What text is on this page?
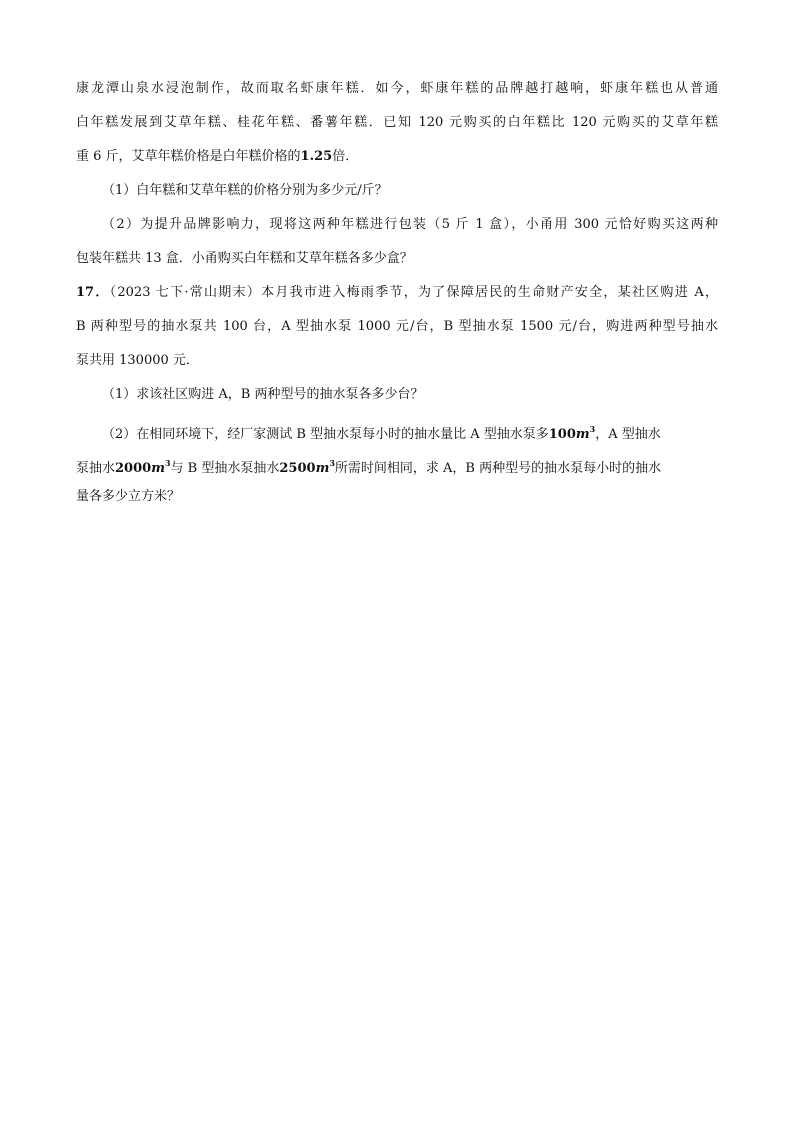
康龙潭山泉水浸泡制作，故而取名虾康年糕．如今，虾康年糕的品牌越打越响，虾康年糕也从普通
白年糕发展到艾草年糕、桂花年糕、番薯年糕．已知 120 元购买的白年糕比 120 元购买的艾草年糕
重 6 斤，艾草年糕价格是白年糕价格的1.25倍．
（1）白年糕和艾草年糕的价格分别为多少元/斤？
（2）为提升品牌影响力，现将这两种年糕进行包装（5 斤 1 盒），小甬用 300 元恰好购买这两种
包装年糕共 13 盒．小甬购买白年糕和艾草年糕各多少盒？
17．（2023 七下·常山期末）本月我市进入梅雨季节，为了保障居民的生命财产安全，某社区购进 A，
B 两种型号的抽水泵共 100 台，A 型抽水泵 1000 元/台，B 型抽水泵 1500 元/台，购进两种型号抽水
泵共用 130000 元．
（1）求该社区购进 A，B 两种型号的抽水泵各多少台？
（2）在相同环境下，经厂家测试 B 型抽水泵每小时的抽水量比 A 型抽水泵多$100m^3$，A 型抽水
泵抽水$2000m^3$与 B 型抽水泵抽水$2500m^3$所需时间相同，求 A，B 两种型号的抽水泵每小时的抽水
量各多少立方米？
